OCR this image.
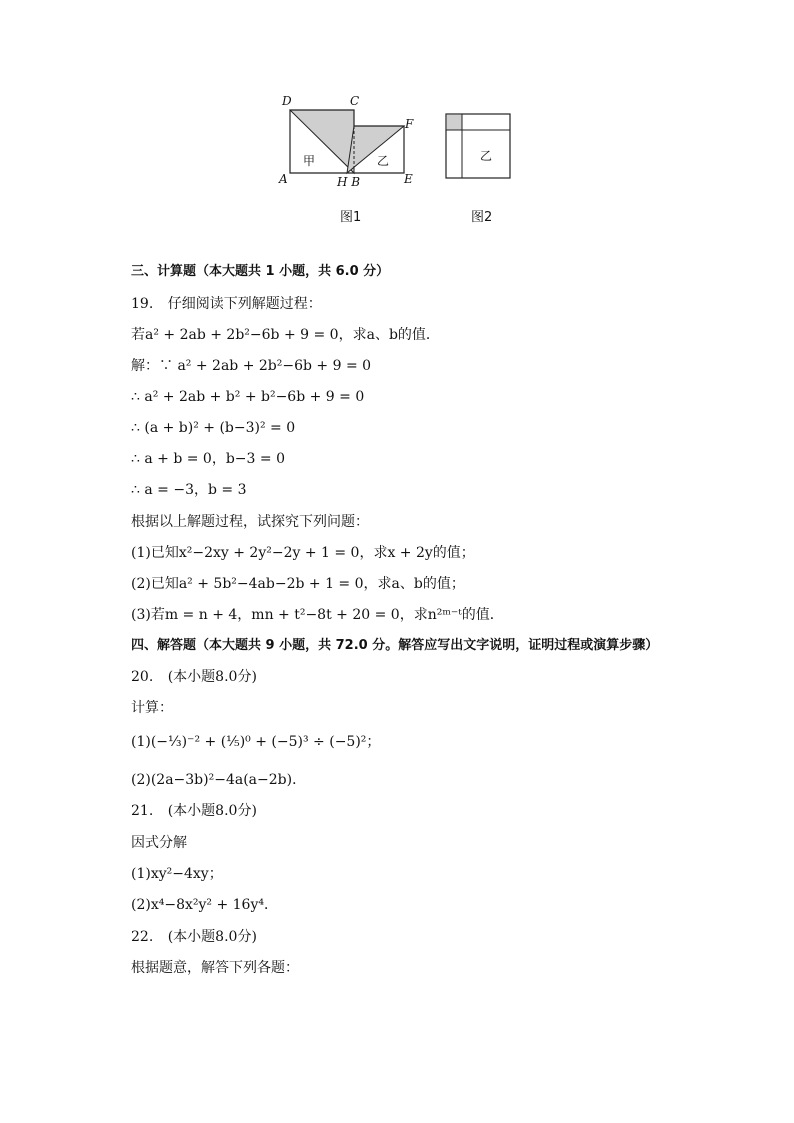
D	C
F
A	H B	E
甲	乙
图1
乙
图2
三、计算题（本大题共 1 小题，共 6.0 分）
19. 仔细阅读下列解题过程：
若a² + 2ab + 2b²−6b + 9 = 0，求a、b的值．
解：∵ a² + 2ab + 2b²−6b + 9 = 0
∴ a² + 2ab + b² + b²−6b + 9 = 0
∴ (a + b)² + (b−3)² = 0
∴ a + b = 0，b−3 = 0
∴ a = −3，b = 3
根据以上解题过程，试探究下列问题：
(1)已知x²−2xy + 2y²−2y + 1 = 0，求x + 2y的值；
(2)已知a² + 5b²−4ab−2b + 1 = 0，求a、b的值；
(3)若m = n + 4，mn + t²−8t + 20 = 0，求n²ᵐ⁻ᵗ的值．
四、解答题（本大题共 9 小题，共 72.0 分。解答应写出文字说明，证明过程或演算步骤）
20. (本小题8.0分)
计算：
(1)(−⅓)⁻² + (⅕)⁰ + (−5)³ ÷ (−5)²；
(2)(2a−3b)²−4a(a−2b)．
21. (本小题8.0分)
因式分解
(1)xy²−4xy；
(2)x⁴−8x²y² + 16y⁴．
22. (本小题8.0分)
根据题意，解答下列各题：
